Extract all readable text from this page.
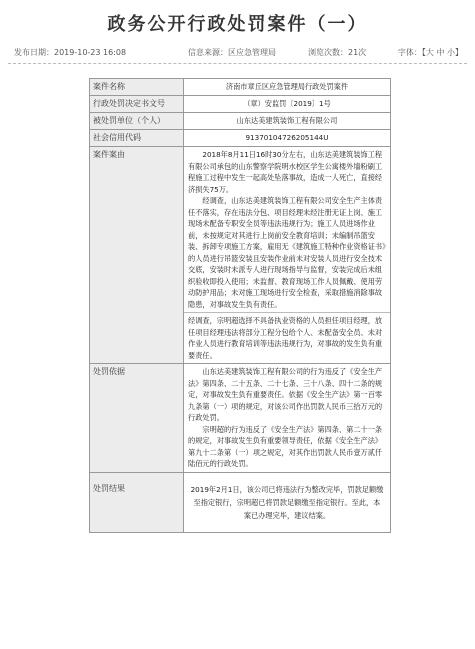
政务公开行政处罚案件（一）
发布日期：2019-10-23 16:08	信息来源：区应急管理局	浏览次数：21次	字体：【大 中 小】
案件名称	济南市章丘区应急管理局行政处罚案件
行政处罚决定书文号	（章）安监罚〔2019〕1号
被处罚单位（个人）	山东达美建筑装饰工程有限公司
社会信用代码	91370104726205144U
案件案由	2018年8月11日16时30分左右，山东达美建筑装饰工程有限公司承包的山东警察学院明水校区学生公寓楼外墙粉刷工程施工过程中发生一起高处坠落事故，造成一人死亡，直接经济损失75万。

经调查，山东达美建筑装饰工程有限公司安全生产主体责任不落实，存在违法分包、项目经理未经注册无证上岗、施工现场未配备专职安全员等违法违规行为；施工人员进场作业前，未按规定对其进行上岗前安全教育培训；未编制吊篮安装、拆卸专项施工方案，雇用无《建筑施工特种作业资格证书》的人员进行吊篮安装且安装作业前未对安装人员进行安全技术交底，安装时未派专人进行现场指导与监督，安装完成后未组织验收即投入使用；未监督、教育现场工作人员佩戴、使用劳动防护用品；未对施工现场进行安全检查，采取措施消除事故隐患，对事故发生负有责任。

经调查，宗明超选择不具备执业资格的人员担任项目经理，放任项目经理违法将部分工程分包给个人、未配备安全员、未对作业人员进行教育培训等违法违规行为，对事故的发生负有重要责任。

处罚依据	山东达美建筑装饰工程有限公司的行为违反了《安全生产法》第四条、二十五条、二十七条、三十八条、四十二条的规定，对事故发生负有重要责任。依据《安全生产法》第一百零九条第（一）项的规定，对该公司作出罚款人民币三拾万元的行政处罚。

宗明超的行为违反了《安全生产法》第四条、第二十一条的规定，对事故发生负有重要领导责任，依据《安全生产法》第九十二条第（一）项之规定，对其作出罚款人民币壹万贰仟陆佰元的行政处罚。

处罚结果	2019年2月1日，该公司已将违法行为整改完毕，罚款足额缴至指定银行，宗明超已将罚款足额缴至指定银行。至此，本案已办理完毕，建议结案。
